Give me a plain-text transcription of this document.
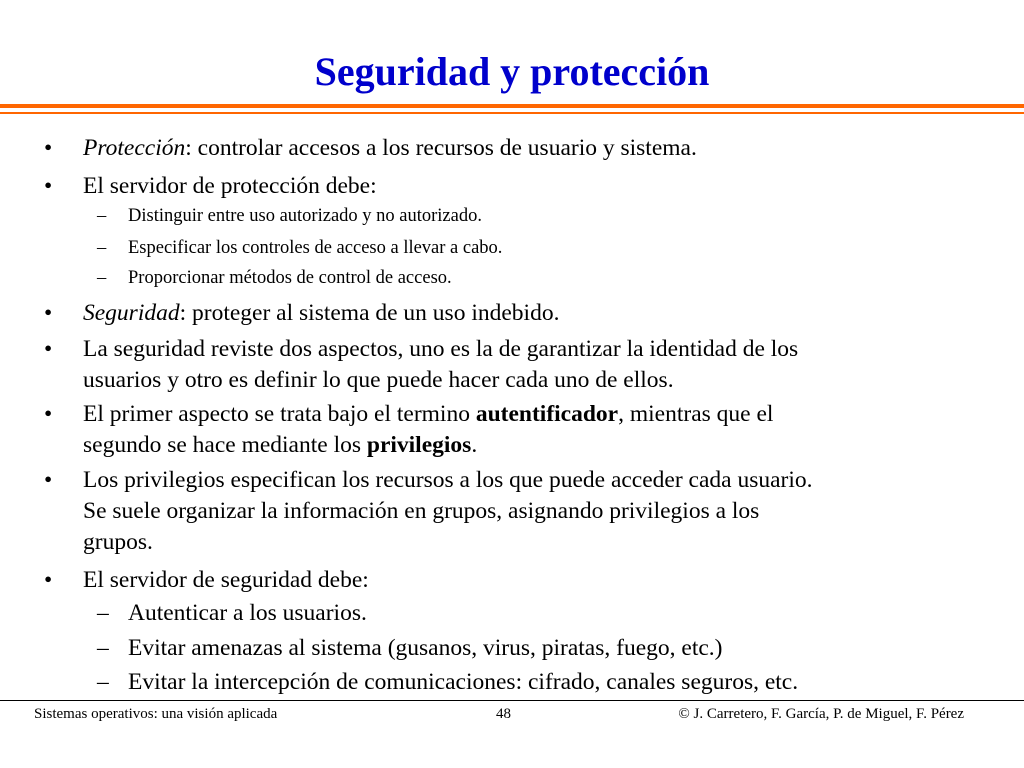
Seguridad y protección
• Protección: controlar accesos a los recursos de usuario y sistema.
• El servidor de protección debe:
– Distinguir entre uso autorizado y no autorizado.
– Especificar los controles de acceso a llevar a cabo.
– Proporcionar métodos de control de acceso.
• Seguridad: proteger al sistema de un uso indebido.
• La seguridad reviste dos aspectos, uno es la de garantizar la identidad de los
usuarios y otro es definir lo que puede hacer cada uno de ellos.
• El primer aspecto se trata bajo el termino autentificador, mientras que el
segundo se hace mediante los privilegios.
• Los privilegios especifican los recursos a los que puede acceder cada usuario.
Se suele organizar la información en grupos, asignando privilegios a los
grupos.
• El servidor de seguridad debe:
– Autenticar a los usuarios.
– Evitar amenazas al sistema (gusanos, virus, piratas, fuego, etc.)
– Evitar la intercepción de comunicaciones: cifrado, canales seguros, etc.
Sistemas operativos: una visión aplicada	48	© J. Carretero, F. García, P. de Miguel, F. Pérez
